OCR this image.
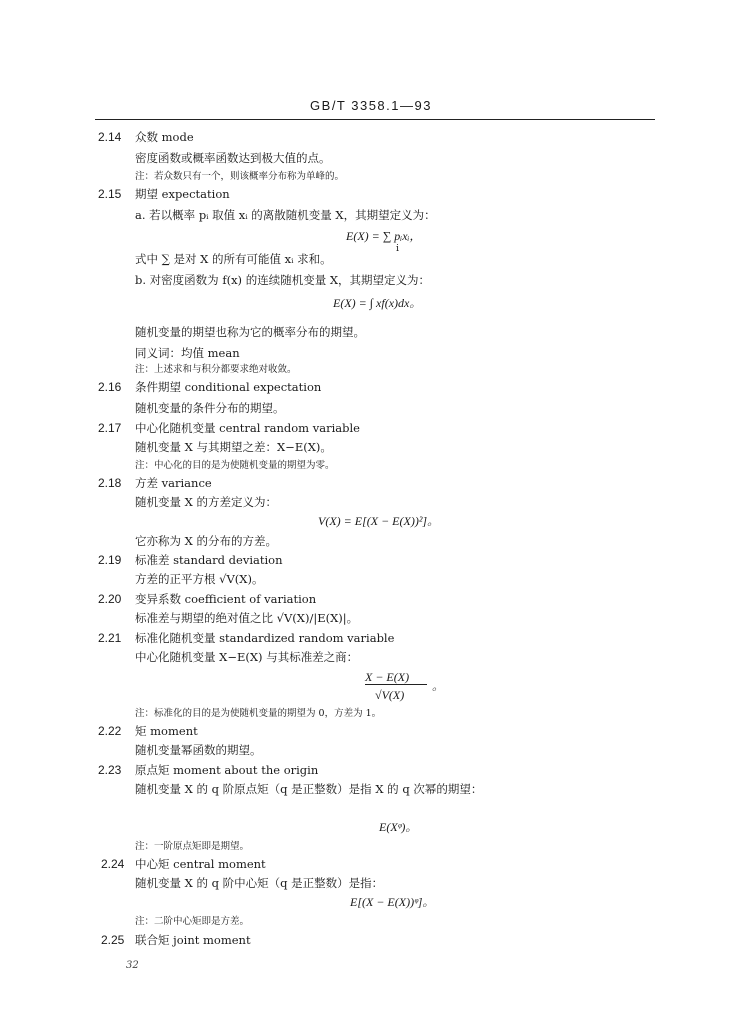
GB/T 3358.1—93
2.14 众数 mode
密度函数或概率函数达到极大值的点。
注：若众数只有一个，则该概率分布称为单峰的。
2.15 期望 expectation
a. 若以概率 pᵢ 取值 xᵢ 的离散随机变量 X，其期望定义为：
E(X) = ∑ pᵢxᵢ，
i
式中 ∑ 是对 X 的所有可能值 xᵢ 求和。
b. 对密度函数为 f(x) 的连续随机变量 X，其期望定义为：
E(X) = ∫ xf(x)dx。
随机变量的期望也称为它的概率分布的期望。
同义词：均值 mean
注：上述求和与积分都要求绝对收敛。
2.16 条件期望 conditional expectation
随机变量的条件分布的期望。
2.17 中心化随机变量 central random variable
随机变量 X 与其期望之差：X−E(X)。
注：中心化的目的是为使随机变量的期望为零。
2.18 方差 variance
随机变量 X 的方差定义为：
V(X) = E[(X − E(X))²]。
它亦称为 X 的分布的方差。
2.19 标准差 standard deviation
方差的正平方根 √V(X)。
2.20 变异系数 coefficient of variation
标准差与期望的绝对值之比 √V(X)/|E(X)|。
2.21 标准化随机变量 standardized random variable
中心化随机变量 X−E(X) 与其标准差之商：
X − E(X)
。
√V(X)
注：标准化的目的是为使随机变量的期望为 0，方差为 1。
2.22 矩 moment
随机变量幂函数的期望。
2.23 原点矩 moment about the origin
随机变量 X 的 q 阶原点矩（q 是正整数）是指 X 的 q 次幂的期望：
E(Xᵠ)。
注：一阶原点矩即是期望。
2.24 中心矩 central moment
随机变量 X 的 q 阶中心矩（q 是正整数）是指：
E[(X − E(X))ᵠ]。
注：二阶中心矩即是方差。
2.25 联合矩 joint moment
32
